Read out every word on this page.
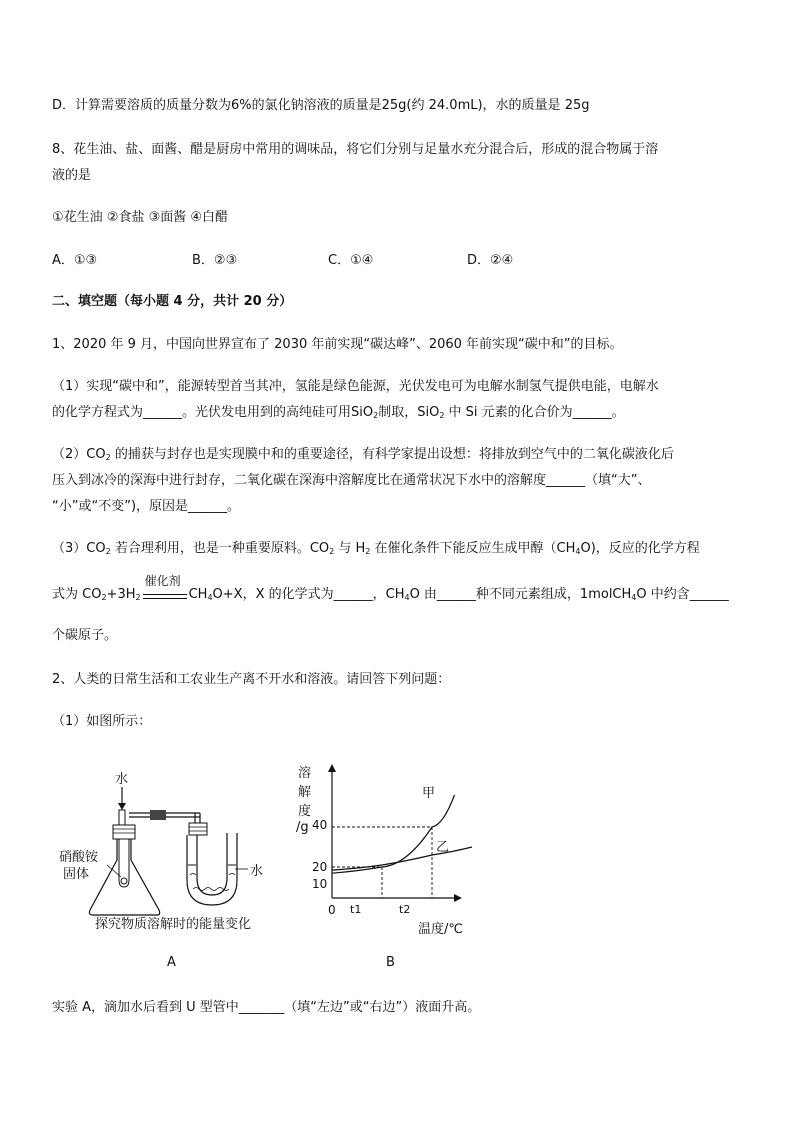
D．计算需要溶质的质量分数为6%的氯化钠溶液的质量是25g(约 24.0mL)，水的质量是 25g
8、花生油、盐、面酱、醋是厨房中常用的调味品，将它们分别与足量水充分混合后，形成的混合物属于溶
液的是
①花生油 ②食盐 ③面酱 ④白醋
A．①③	B．②③	C．①④	D．②④
二、填空题（每小题 4 分，共计 20 分）
1、2020 年 9 月，中国向世界宣布了 2030 年前实现“碳达峰”、2060 年前实现“碳中和”的目标。
（1）实现“碳中和”，能源转型首当其冲，氢能是绿色能源，光伏发电可为电解水制氢气提供电能，电解水
的化学方程式为______。光伏发电用到的高纯硅可用SiO$_2$制取，SiO$_2$ 中 Si 元素的化合价为______。
$(2)CO_2$ 的捕获与封存也是实现膜中和的重要途径，有科学家提出设想：将排放到空气中的二氧化碳液化后
压入到冰冷的深海中进行封存，二氧化碳在深海中溶解度比在通常状况下水中的溶解度______（填“大”、
“小”或“不变”)，原因是______。
$(3)CO_2$ 若合理利用，也是一种重要原料。$CO_2$ 与 $H_2$ 在催化条件下能反应生成甲醇$(CH_4O)$，反应的化学方程
式为 $CO_2+3H_2$
催化剂
$CH_4O+X$，X 的化学式为______，$CH_4O$ 由______种不同元素组成，1molCH$_4$O 中约含______
个碳原子。
2、人类的日常生活和工农业生产离不开水和溶液。请回答下列问题：
（1）如图所示：
水
硝酸铵
固体	水
探究物质溶解时的能量变化
A
溶
解
度
/g
0
温度/℃
10
20
40
t1	t2
甲
乙
B
实验 A，滴加水后看到 U 型管中_______（填“左边”或“右边”）液面升高。
